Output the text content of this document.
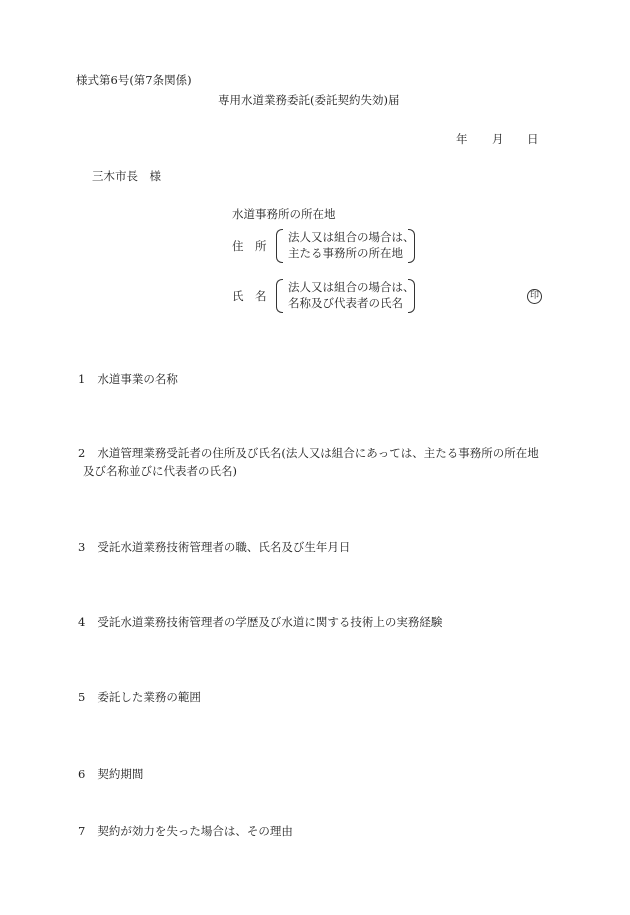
様式第6号(第7条関係)
専用水道業務委託(委託契約失効)届
年 月 日
三木市長　様
水道事務所の所在地
住　所
法人又は組合の場合は、
主たる事務所の所在地
氏　名
法人又は組合の場合は、
名称及び代表者の氏名	印
1 水道事業の名称
2 水道管理業務受託者の住所及び氏名(法人又は組合にあっては、主たる事務所の所在地
及び名称並びに代表者の氏名)
3 受託水道業務技術管理者の職、氏名及び生年月日
4 受託水道業務技術管理者の学歴及び水道に関する技術上の実務経験
5 委託した業務の範囲
6 契約期間
7 契約が効力を失った場合は、その理由
